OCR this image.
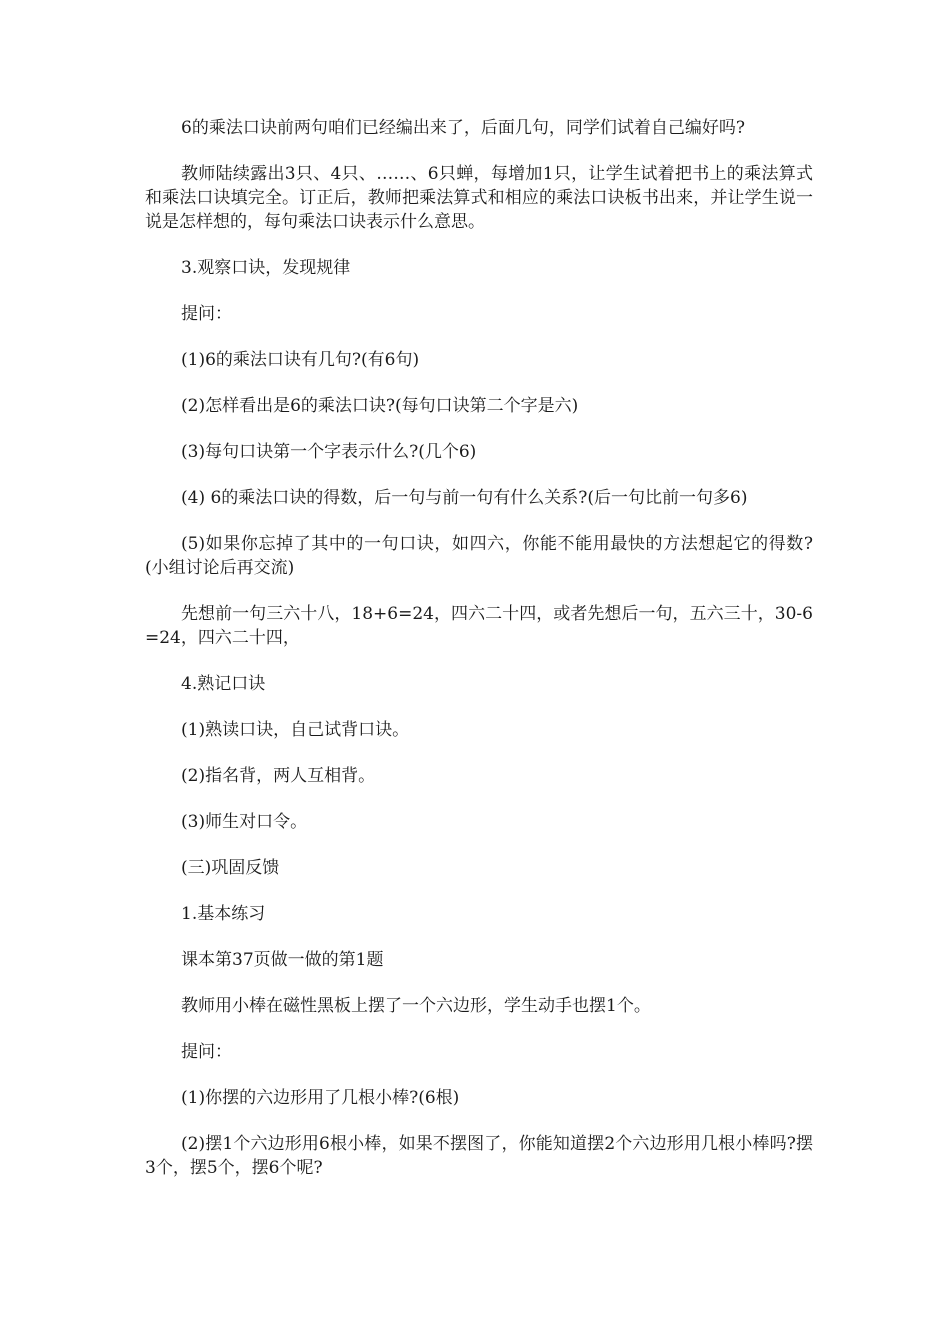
6的乘法口诀前两句咱们已经编出来了，后面几句，同学们试着自己编好吗?

教师陆续露出3只、4只、……、6只蝉，每增加1只，让学生试着把书上的乘法算式和乘法口诀填完全。订正后，教师把乘法算式和相应的乘法口诀板书出来，并让学生说一说是怎样想的，每句乘法口诀表示什么意思。

3.观察口诀，发现规律

提问：

(1)6的乘法口诀有几句?(有6句)

(2)怎样看出是6的乘法口诀?(每句口诀第二个字是六)

(3)每句口诀第一个字表示什么?(几个6)

(4) 6的乘法口诀的得数，后一句与前一句有什么关系?(后一句比前一句多6)

(5)如果你忘掉了其中的一句口诀，如四六，你能不能用最快的方法想起它的得数?(小组讨论后再交流)

先想前一句三六十八，18+6=24，四六二十四，或者先想后一句，五六三十，30-6=24，四六二十四，

4.熟记口诀

(1)熟读口诀，自己试背口诀。

(2)指名背，两人互相背。

(3)师生对口令。

(三)巩固反馈

1.基本练习

课本第37页做一做的第1题

教师用小棒在磁性黑板上摆了一个六边形，学生动手也摆1个。

提问：

(1)你摆的六边形用了几根小棒?(6根)

(2)摆1个六边形用6根小棒，如果不摆图了，你能知道摆2个六边形用几根小棒吗?摆3个，摆5个，摆6个呢?
